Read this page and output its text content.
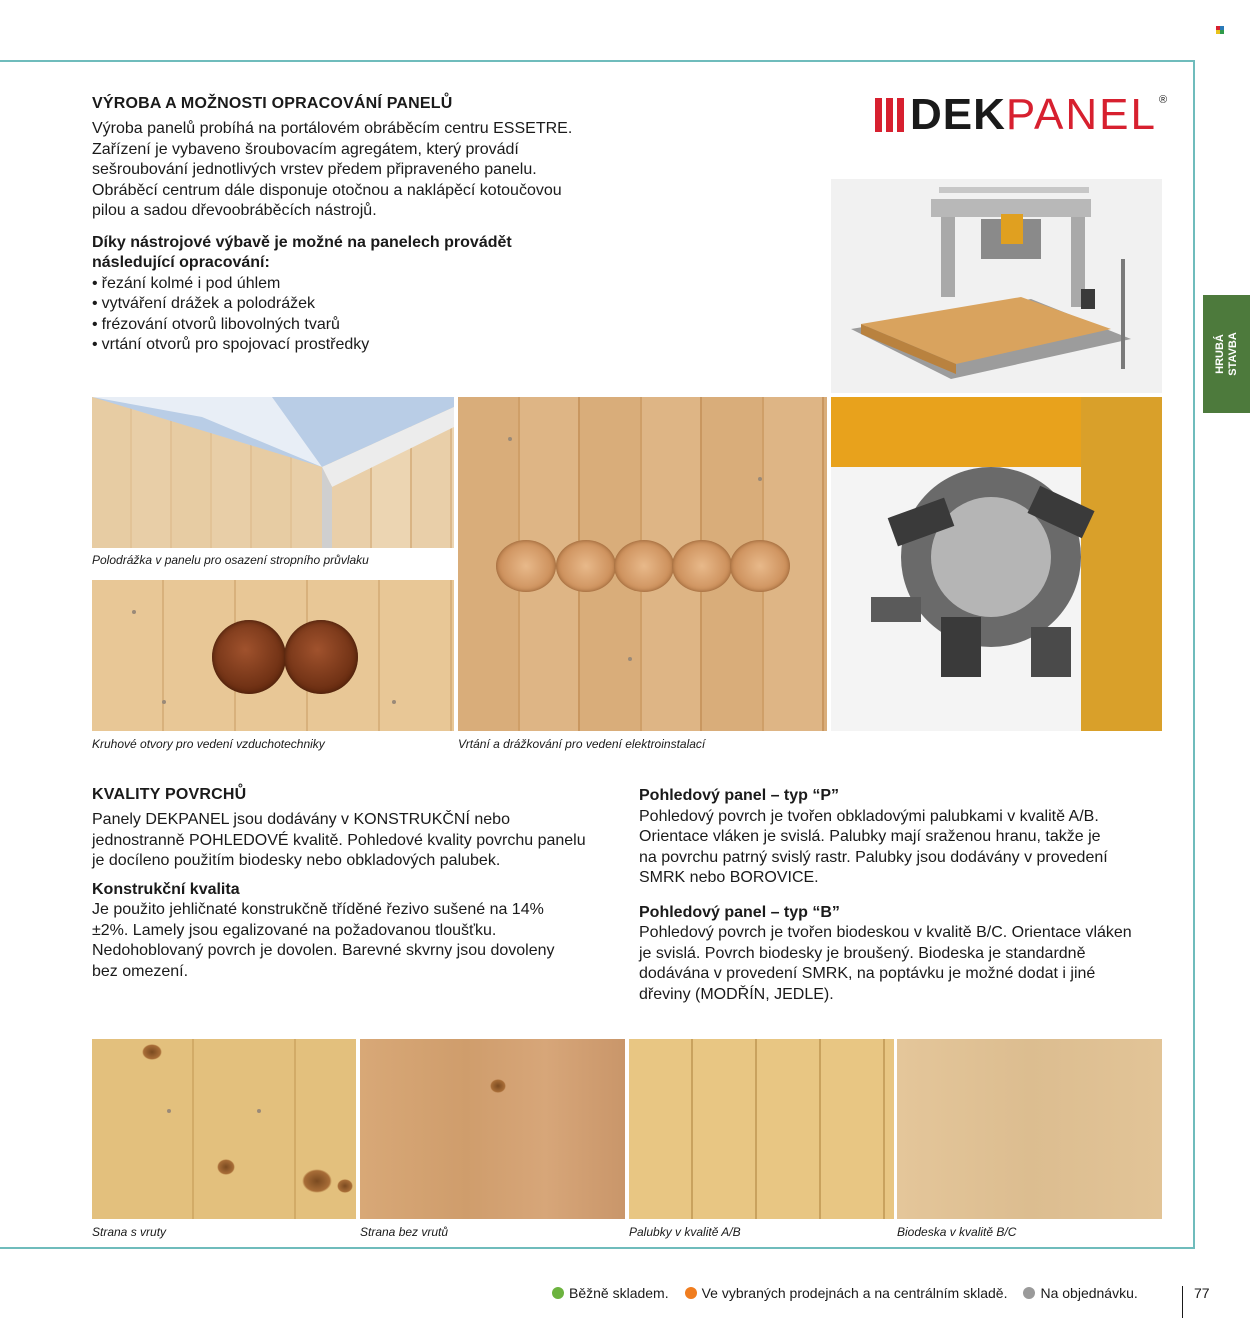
VÝROBA A MOŽNOSTI OPRACOVÁNÍ PANELŮ

Výroba panelů probíhá na portálovém obráběcím centru ESSETRE.

Zařízení je vybaveno šroubovacím agregátem, který provádí

sešroubování jednotlivých vrstev předem připraveného panelu.

Obráběcí centrum dále disponuje otočnou a naklápěcí kotoučovou

pilou a sadou dřevoobráběcích nástrojů.

Díky nástrojové výbavě je možné na panelech provádět

následující opracování:

• řezání kolmé i pod úhlem
• vytváření drážek a polodrážek
• frézování otvorů libovolných tvarů
• vrtání otvorů pro spojovací prostředky
DEK PANEL ®
Polodrážka v panelu pro osazení stropního průvlaku
Kruhové otvory pro vedení vzduchotechniky	Vrtání a drážkování pro vedení elektroinstalací
KVALITY POVRCHŮ

Panely DEKPANEL jsou dodávány v KONSTRUKČNÍ nebo

jednostranně POHLEDOVÉ kvalitě. Pohledové kvality povrchu panelu

je docíleno použitím biodesky nebo obkladových palubek.

Konstrukční kvalita

Je použito jehličnaté konstrukčně tříděné řezivo sušené na 14%

±2%. Lamely jsou egalizované na požadovanou tloušťku.

Nedohoblovaný povrch je dovolen. Barevné skvrny jsou dovoleny

bez omezení.

Pohledový panel – typ “P”

Pohledový povrch je tvořen obkladovými palubkami v kvalitě A/B.

Orientace vláken je svislá. Palubky mají sraženou hranu, takže je

na povrchu patrný svislý rastr. Palubky jsou dodávány v provedení

SMRK nebo BOROVICE.

Pohledový panel – typ “B”

Pohledový povrch je tvořen biodeskou v kvalitě B/C. Orientace vláken

je svislá. Povrch biodesky je broušený. Biodeska je standardně

dodávána v provedení SMRK, na poptávku je možné dodat i jiné

dřeviny (MODŘÍN, JEDLE).

Strana s vruty	Strana bez vrutů	Palubky v kvalitě A/B	Biodeska v kvalitě B/C
HRUBÁ
STAVBA
Běžně skladem. Ve vybraných prodejnách a na centrálním skladě. Na objednávku.	77
